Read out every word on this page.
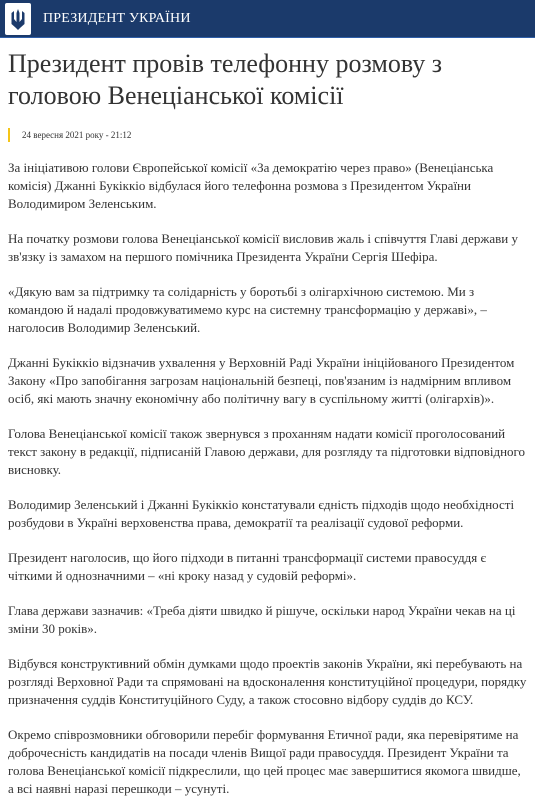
ПРЕЗИДЕНТ УКРАЇНИ
Президент провів телефонну розмову з головою Венеціанської комісії
24 вересня 2021 року - 21:12

За ініціативою голови Європейської комісії «За демократію через право» (Венеціанська комісія) Джанні Букіккіо відбулася його телефонна розмова з Президентом України Володимиром Зеленським.

На початку розмови голова Венеціанської комісії висловив жаль і співчуття Главі держави у зв'язку із замахом на першого помічника Президента України Сергія Шефіра.

«Дякую вам за підтримку та солідарність у боротьбі з олігархічною системою. Ми з командою й надалі продовжуватимемо курс на системну трансформацію у державі», – наголосив Володимир Зеленський.

Джанні Букіккіо відзначив ухвалення у Верховній Раді України ініційованого Президентом Закону «Про запобігання загрозам національній безпеці, пов'язаним із надмірним впливом осіб, які мають значну економічну або політичну вагу в суспільному житті (олігархів)».

Голова Венеціанської комісії також звернувся з проханням надати комісії проголосований текст закону в редакції, підписаній Главою держави, для розгляду та підготовки відповідного висновку.

Володимир Зеленський і Джанні Букіккіо констатували єдність підходів щодо необхідності розбудови в Україні верховенства права, демократії та реалізації судової реформи.

Президент наголосив, що його підходи в питанні трансформації системи правосуддя є чіткими й однозначними – «ні кроку назад у судовій реформі».

Глава держави зазначив: «Треба діяти швидко й рішуче, оскільки народ України чекав на ці зміни 30 років».

Відбувся конструктивний обмін думками щодо проектів законів України, які перебувають на розгляді Верховної Ради та спрямовані на вдосконалення конституційної процедури, порядку призначення суддів Конституційного Суду, а також стосовно відбору суддів до КСУ.

Окремо співрозмовники обговорили перебіг формування Етичної ради, яка перевірятиме на доброчесність кандидатів на посади членів Вищої ради правосуддя. Президент України та голова Венеціанської комісії підкреслили, що цей процес має завершитися якомога швидше, а всі наявні наразі перешкоди – усунуті.
